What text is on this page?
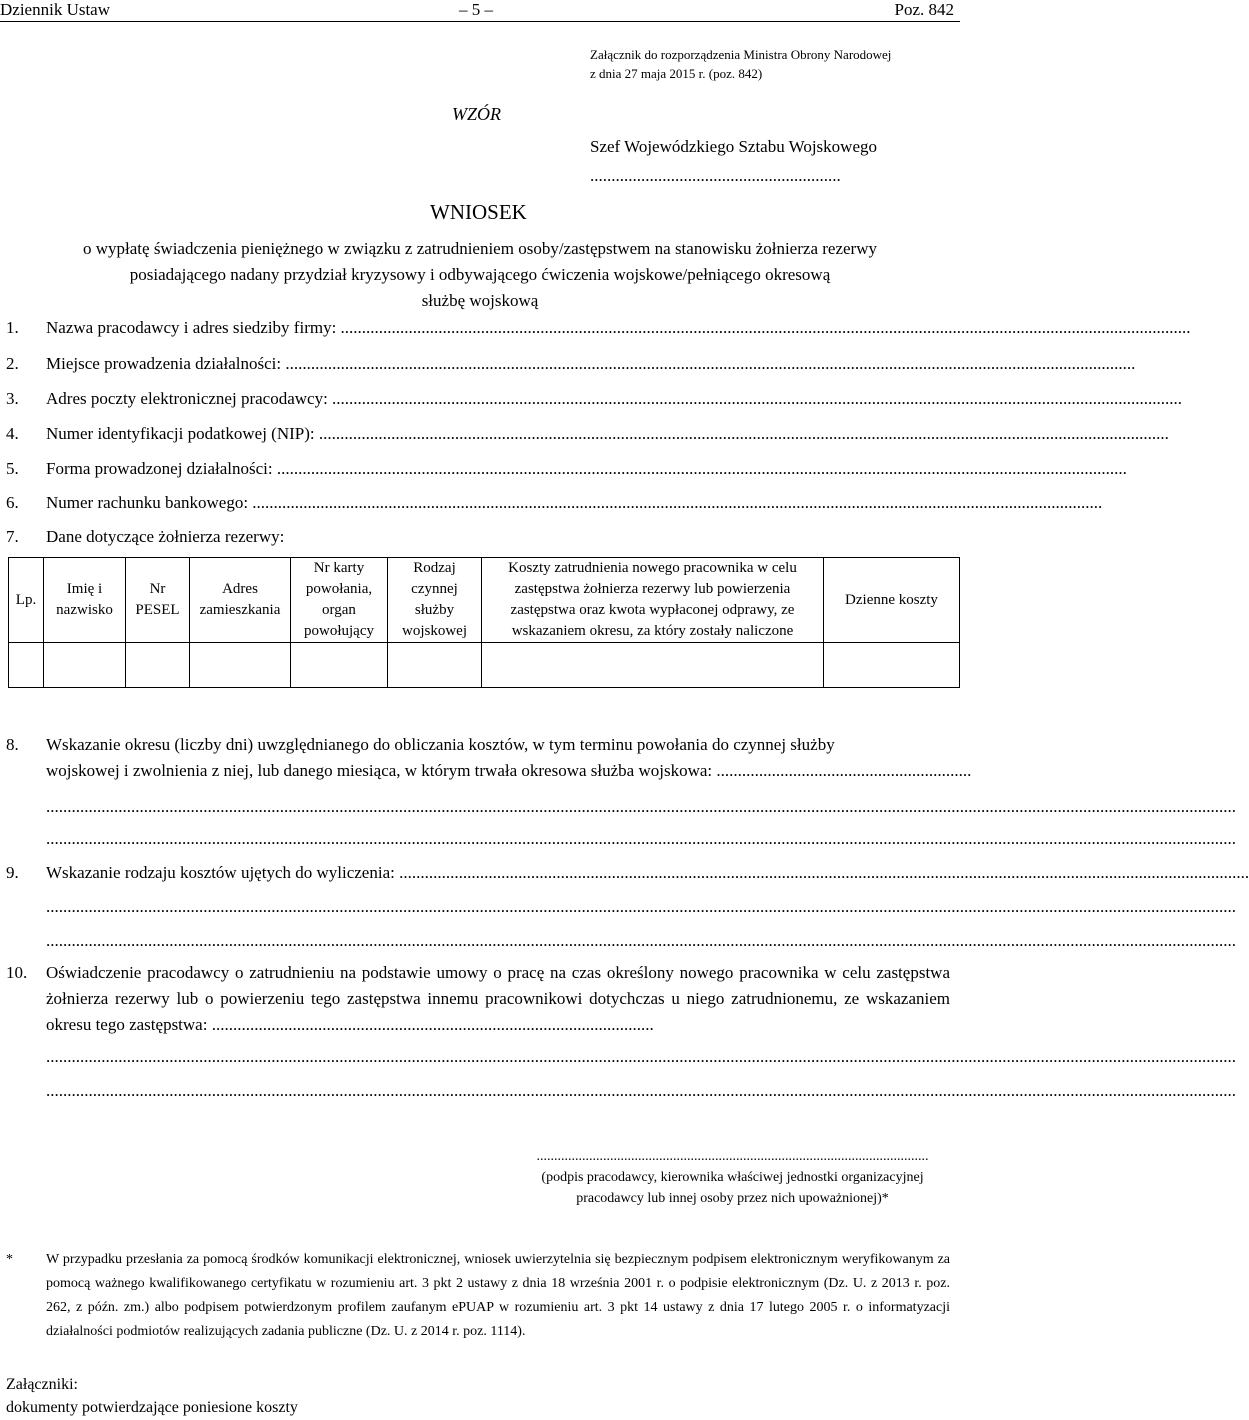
Dziennik Ustaw	– 5 –	Poz. 842
Załącznik do rozporządzenia Ministra Obrony Narodowej
z dnia 27 maja 2015 r. (poz. 842)
WZÓR
Szef Wojewódzkiego Sztabu Wojskowego
...........................................................
WNIOSEK
o wypłatę świadczenia pieniężnego w związku z zatrudnieniem osoby/zastępstwem na stanowisku żołnierza rezerwy
posiadającego nadany przydział kryzysowy i odbywającego ćwiczenia wojskowe/pełniącego okresową
służbę wojskową
1.	Nazwa pracodawcy i adres siedziby firmy: ........................................................................................................................................................................................................
2.	Miejsce prowadzenia działalności: ........................................................................................................................................................................................................
3.	Adres poczty elektronicznej pracodawcy: ........................................................................................................................................................................................................
4.	Numer identyfikacji podatkowej (NIP): ........................................................................................................................................................................................................
5.	Forma prowadzonej działalności: ........................................................................................................................................................................................................
6.	Numer rachunku bankowego: ........................................................................................................................................................................................................
7.	Dane dotyczące żołnierza rezerwy:
Lp.	Imię i nazwisko	Nr PESEL	Adres zamieszkania	Nr karty powołania, organ powołujący	Rodzaj czynnej służby wojskowej	Koszty zatrudnienia nowego pracownika w celu zastępstwa żołnierza rezerwy lub powierzenia zastępstwa oraz kwota wypłaconej odprawy, ze wskazaniem okresu, za który zostały naliczone	Dzienne koszty

8.	Wskazanie okresu (liczby dni) uwzględnianego do obliczania kosztów, w tym terminu powołania do czynnej służby
wojskowej i zwolnienia z niej, lub danego miesiąca, w którym trwała okresowa służba wojskowa: ............................................................
........................................................................................................................................................................................................................................................................................
........................................................................................................................................................................................................................................................................................
9.	Wskazanie rodzaju kosztów ujętych do wyliczenia: ........................................................................................................................................................................................................
........................................................................................................................................................................................................................................................................................
........................................................................................................................................................................................................................................................................................
10.	Oświadczenie pracodawcy o zatrudnieniu na podstawie umowy o pracę na czas określony nowego pracownika w celu zastępstwa żołnierza rezerwy lub o powierzeniu tego zastępstwa innemu pracownikowi dotychczas u niego zatrudnionemu, ze wskazaniem okresu tego zastępstwa: ........................................................................................................
........................................................................................................................................................................................................................................................................................
........................................................................................................................................................................................................................................................................................
................................................................................................................
(podpis pracodawcy, kierownika właściwej jednostki organizacyjnej
pracodawcy lub innej osoby przez nich upoważnionej)*
*	W przypadku przesłania za pomocą środków komunikacji elektronicznej, wniosek uwierzytelnia się bezpiecznym podpisem elektronicznym weryfikowanym za pomocą ważnego kwalifikowanego certyfikatu w rozumieniu art. 3 pkt 2 ustawy z dnia 18 września 2001 r. o podpisie elektronicznym (Dz. U. z 2013 r. poz. 262, z późn. zm.) albo podpisem potwierdzonym profilem zaufanym ePUAP w rozumieniu art. 3 pkt 14 ustawy z dnia 17 lutego 2005 r. o informatyzacji działalności podmiotów realizujących zadania publiczne (Dz. U. z 2014 r. poz. 1114).
Załączniki:
dokumenty potwierdzające poniesione koszty
